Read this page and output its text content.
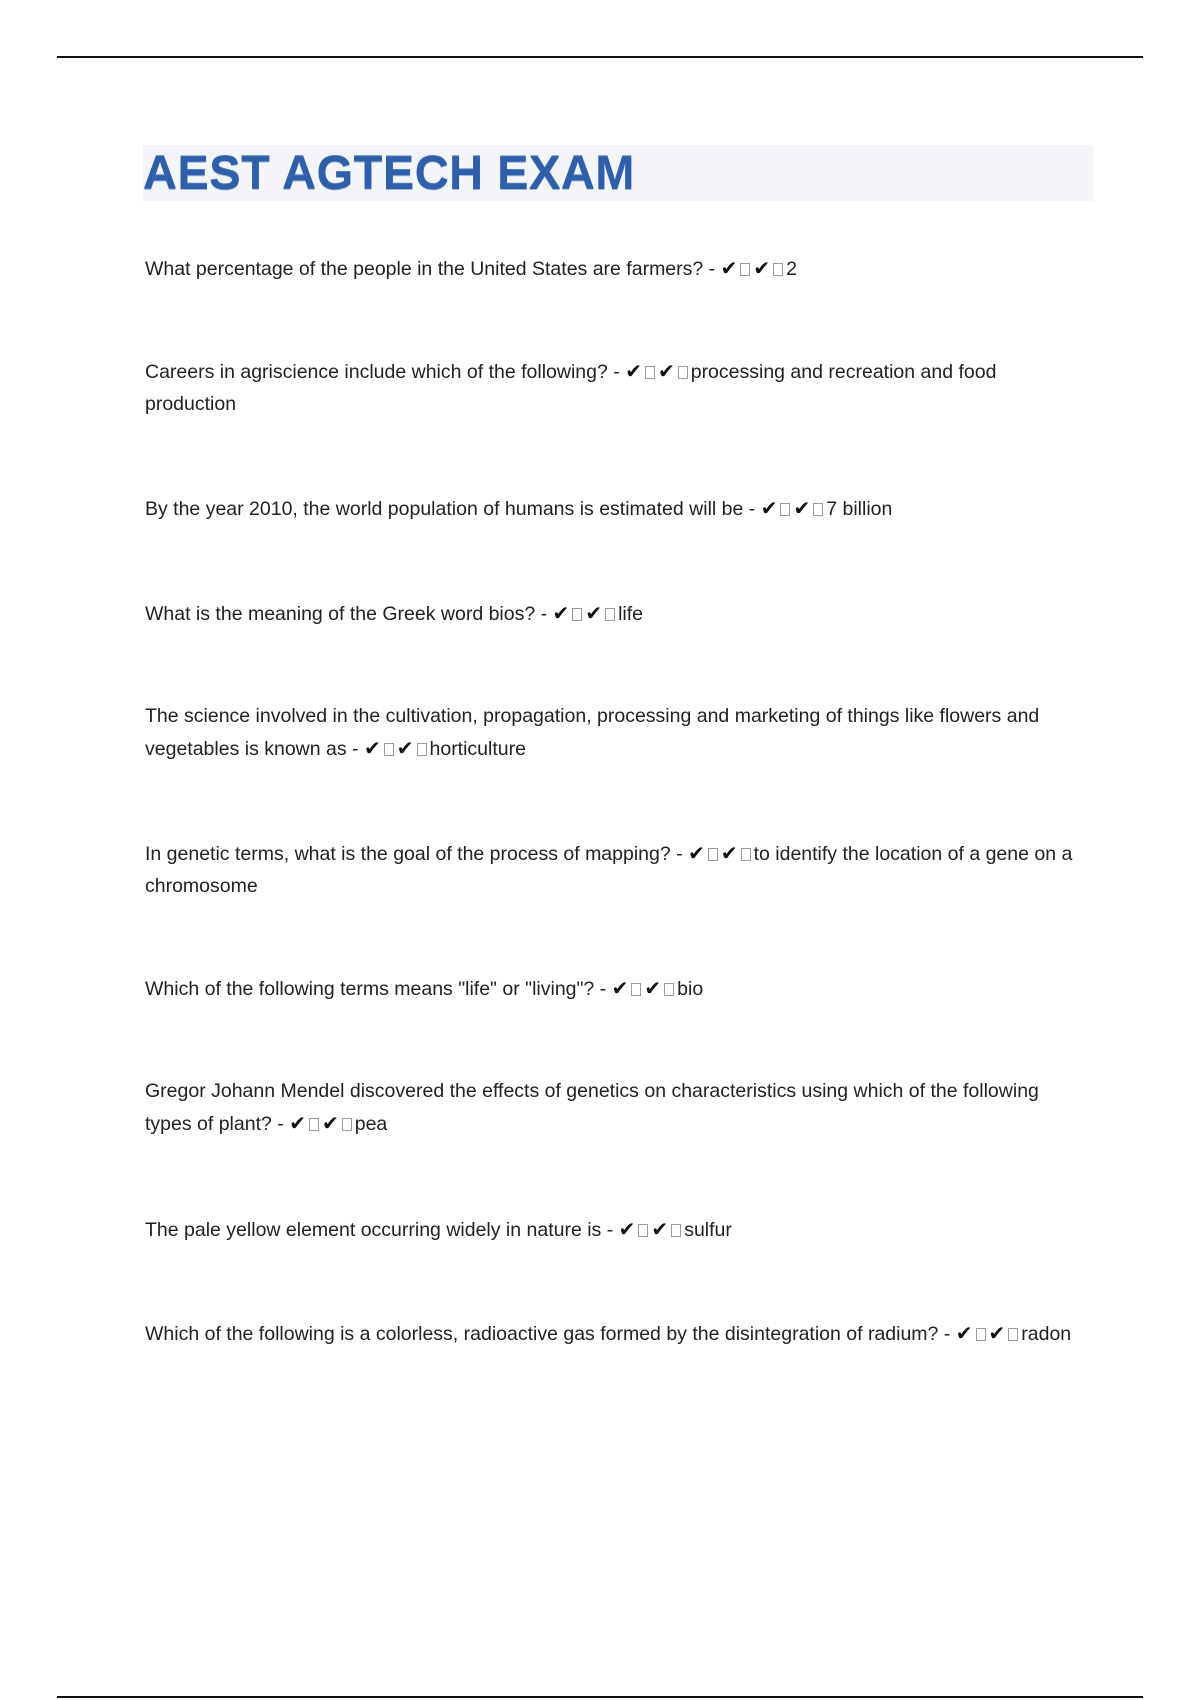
AEST AGTECH EXAM
What percentage of the people in the United States are farmers? - ✔ ✔ 2
Careers in agriscience include which of the following? - ✔ ✔ processing and recreation and food production
By the year 2010, the world population of humans is estimated will be - ✔ ✔ 7 billion
What is the meaning of the Greek word bios? - ✔ ✔ life
The science involved in the cultivation, propagation, processing and marketing of things like flowers and vegetables is known as - ✔ ✔ horticulture
In genetic terms, what is the goal of the process of mapping? - ✔ ✔ to identify the location of a gene on a chromosome
Which of the following terms means "life" or "living"? - ✔ ✔ bio
Gregor Johann Mendel discovered the effects of genetics on characteristics using which of the following types of plant? - ✔ ✔ pea
The pale yellow element occurring widely in nature is - ✔ ✔ sulfur
Which of the following is a colorless, radioactive gas formed by the disintegration of radium? - ✔ ✔ radon
